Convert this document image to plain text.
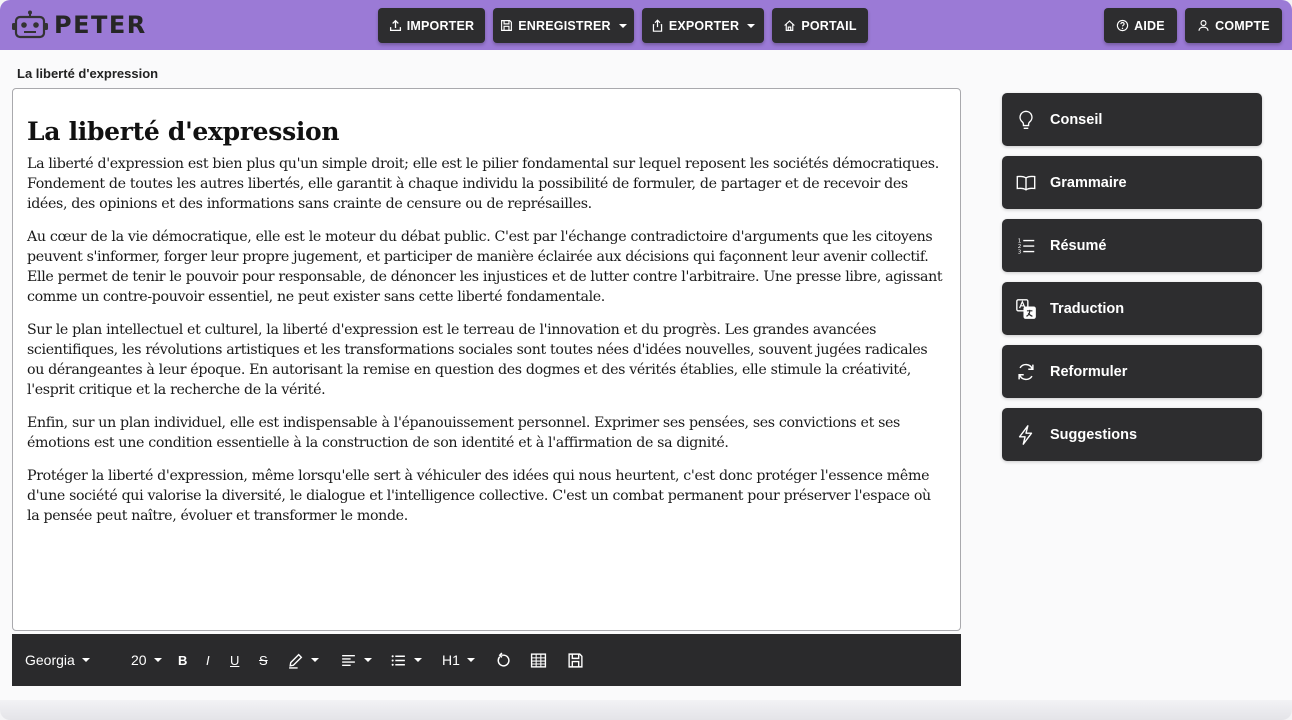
PETER	IMPORTER	ENREGISTRER	EXPORTER	PORTAIL	AIDE	COMPTE
La liberté d'expression
La liberté d'expression

La liberté d'expression est bien plus qu'un simple droit; elle est le pilier fondamental sur lequel reposent les sociétés démocratiques. Fondement de toutes les autres libertés, elle garantit à chaque individu la possibilité de formuler, de partager et de recevoir des idées, des opinions et des informations sans crainte de censure ou de représailles.

Au cœur de la vie démocratique, elle est le moteur du débat public. C'est par l'échange contradictoire d'arguments que les citoyens peuvent s'informer, forger leur propre jugement, et participer de manière éclairée aux décisions qui façonnent leur avenir collectif. Elle permet de tenir le pouvoir pour responsable, de dénoncer les injustices et de lutter contre l'arbitraire. Une presse libre, agissant comme un contre-pouvoir essentiel, ne peut exister sans cette liberté fondamentale.

Sur le plan intellectuel et culturel, la liberté d'expression est le terreau de l'innovation et du progrès. Les grandes avancées scientifiques, les révolutions artistiques et les transformations sociales sont toutes nées d'idées nouvelles, souvent jugées radicales ou dérangeantes à leur époque. En autorisant la remise en question des dogmes et des vérités établies, elle stimule la créativité, l'esprit critique et la recherche de la vérité.

Enfin, sur un plan individuel, elle est indispensable à l'épanouissement personnel. Exprimer ses pensées, ses convictions et ses émotions est une condition essentielle à la construction de son identité et à l'affirmation de sa dignité.

Protéger la liberté d'expression, même lorsqu'elle sert à véhiculer des idées qui nous heurtent, c'est donc protéger l'essence même d'une société qui valorise la diversité, le dialogue et l'intelligence collective. C'est un combat permanent pour préserver l'espace où la pensée peut naître, évoluer et transformer le monde.

Georgia	20 B I U S	H1
Conseil
Grammaire
1
2
3 Résumé
Traduction
Reformuler
Suggestions
